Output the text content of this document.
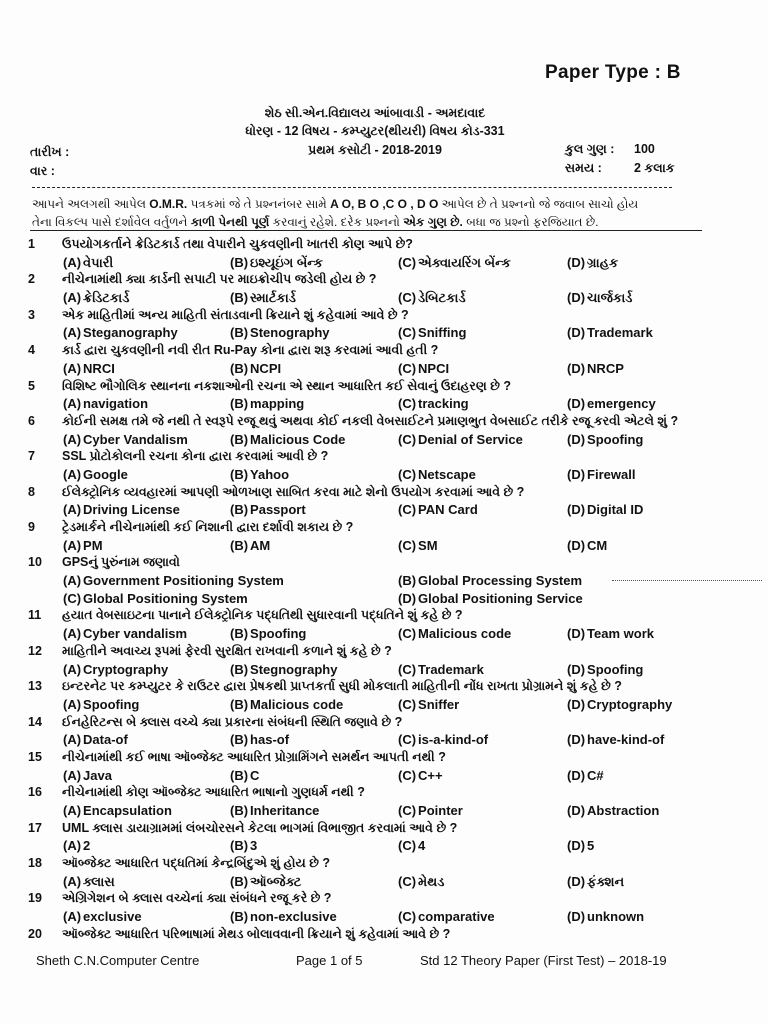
Paper Type : B
શેઠ સી.એન.વિદ્યાલય આંબાવાડી - અમદાવાદ
ધોરણ - 12 વિષય - કમ્પ્યુટર(થીયરી) વિષય કોડ-331
પ્રથમ કસોટી - 2018-2019
તારીખ :
વાર :
કુલ ગુણ : 100
સમય :	2 કલાક
આપને અલગથી આપેલ O.M.R. પત્રકમાં જે તે પ્રશ્નનંબર સામે A O, B O ,C O , D O આપેલ છે તે પ્રશ્નનો જે જવાબ સાચો હોય
તેના વિકલ્પ પાસે દર્શાવેલ વર્તુળને કાળી પેનથી પૂર્ણ કરવાનું રહેશે. દરેક પ્રશ્નનો એક ગુણ છે. બધા જ પ્રશ્નો ફરજિયાત છે.
1 ઉપયોગકર્તાને ક્રેડિટકાર્ડ તથા વેપારીને ચુકવણીની ખાતરી કોણ આપે છે?
(A) વેપારી	(B) ઇશ્યૂઇંગ બેંન્ક	(C) એક્વાયરિંગ બેંન્ક	(D) ગ્રાહક
2 નીચેનામાંથી ક્યા કાર્ડની સપાટી પર માઇક્રોચીપ જડેલી હોય છે ?
(A) ક્રેડિટકાર્ડ	(B) સ્માર્ટકાર્ડ	(C) ડેબિટકાર્ડ	(D) ચાર્જકાર્ડ
3 એક માહિતીમાં અન્ય માહિતી સંતાડવાની ક્રિયાને શું કહેવામાં આવે છે ?
(A) Steganography	(B) Stenography	(C) Sniffing	(D) Trademark
4 કાર્ડ દ્વારા ચુકવણીની નવી રીત Ru-Pay કોના દ્વારા શરૂ કરવામાં આવી હતી ?
(A) NRCI	(B) NCPI	(C) NPCI	(D) NRCP
5 વિશિષ્ટ ભૌગોલિક સ્થાનના નકશાઓની રચના એ સ્થાન આધારિત કઈ સેવાનું ઉદાહરણ છે ?
(A) navigation	(B) mapping	(C) tracking	(D) emergency
6 કોઈની સમક્ષ તમે જે નથી તે સ્વરૂપે રજૂ થવું અથવા કોઈ નકલી વેબસાઈટને પ્રમાણભુત વેબસાઈટ તરીકે રજૂ કરવી એટલે શું ?
(A) Cyber Vandalism	(B) Malicious Code	(C) Denial of Service	(D) Spoofing
7 SSL પ્રોટોકોલની રચના કોના દ્વારા કરવામાં આવી છે ?
(A) Google	(B) Yahoo	(C) Netscape	(D) Firewall
8 ઈલેક્ટ્રોનિક વ્યવહારમાં આપણી ઓળખાણ સાબિત કરવા માટે શેનો ઉપયોગ કરવામાં આવે છે ?
(A) Driving License	(B) Passport	(C) PAN Card	(D) Digital ID
9 ટ્રેડમાર્કને નીચેનામાંથી કઈ નિશાની દ્વારા દર્શાવી શકાય છે ?
(A) PM	(B) AM	(C) SM	(D) CM
10 GPSનું પુરુંનામ જણાવો
(A) Government Positioning System	(B) Global Processing System
(C) Global Positioning System	(D) Global Positioning Service
11 હયાત વેબસાઇટના પાનાને ઈલેક્ટ્રોનિક પદ્ધતિથી સુધારવાની પદ્ધતિને શું કહે છે ?
(A) Cyber vandalism	(B) Spoofing	(C) Malicious code	(D) Team work
12 માહિતીને અવાચ્ય રૂપમાં ફેરવી સુરક્ષિત રાખવાની કળાને શું કહે છે ?
(A) Cryptography	(B) Stegnography	(C) Trademark	(D) Spoofing
13 ઇન્ટરનેટ પર કમ્પ્યુટર કે રાઉટર દ્વારા પ્રેષકથી પ્રાપ્તકર્તા સુધી મોકલાતી માહિતીની નોંધ રાખતા પ્રોગ્રામને શું કહે છે ?
(A) Spoofing	(B) Malicious code	(C) Sniffer	(D) Cryptography
14 ઈનહેરિટન્સ બે ક્લાસ વચ્ચે ક્યા પ્રકારના સંબંધની સ્થિતિ જણાવે છે ?
(A) Data-of	(B) has-of	(C) is-a-kind-of	(D) have-kind-of
15 નીચેનામાંથી કઈ ભાષા ઑબ્જેક્ટ આધારિત પ્રોગ્રામિંગને સમર્થન આપતી નથી ?
(A) Java	(B) C	(C) C++	(D) C#
16 નીચેનામાંથી કોણ ઑબ્જેક્ટ આધારિત ભાષાનો ગુણધર્મ નથી ?
(A) Encapsulation	(B) Inheritance	(C) Pointer	(D) Abstraction
17 UML ક્લાસ ડાયાગ્રામમાં લંબચોરસને કેટલા ભાગમાં વિભાજીત કરવામાં આવે છે ?
(A) 2	(B) 3	(C) 4	(D) 5
18 ઑબ્જેક્ટ આધારિત પદ્ધતિમાં કેન્દ્રબિંદુએ શું હોય છે ?
(A) ક્લાસ	(B) ઑબ્જેક્ટ	(C) મેથડ	(D) ફંક્શન
19 એગ્રિગેશન બે ક્લાસ વચ્ચેનાં ક્યા સંબંધને રજૂ કરે છે ?
(A) exclusive	(B) non-exclusive	(C) comparative	(D) unknown
20 ઑબ્જેક્ટ આધારિત પરિભાષામાં મેથડ બોલાવવાની ક્રિયાને શું કહેવામાં આવે છે ?
Sheth C.N.Computer Centre	Page 1 of 5	Std 12 Theory Paper (First Test) – 2018-19
